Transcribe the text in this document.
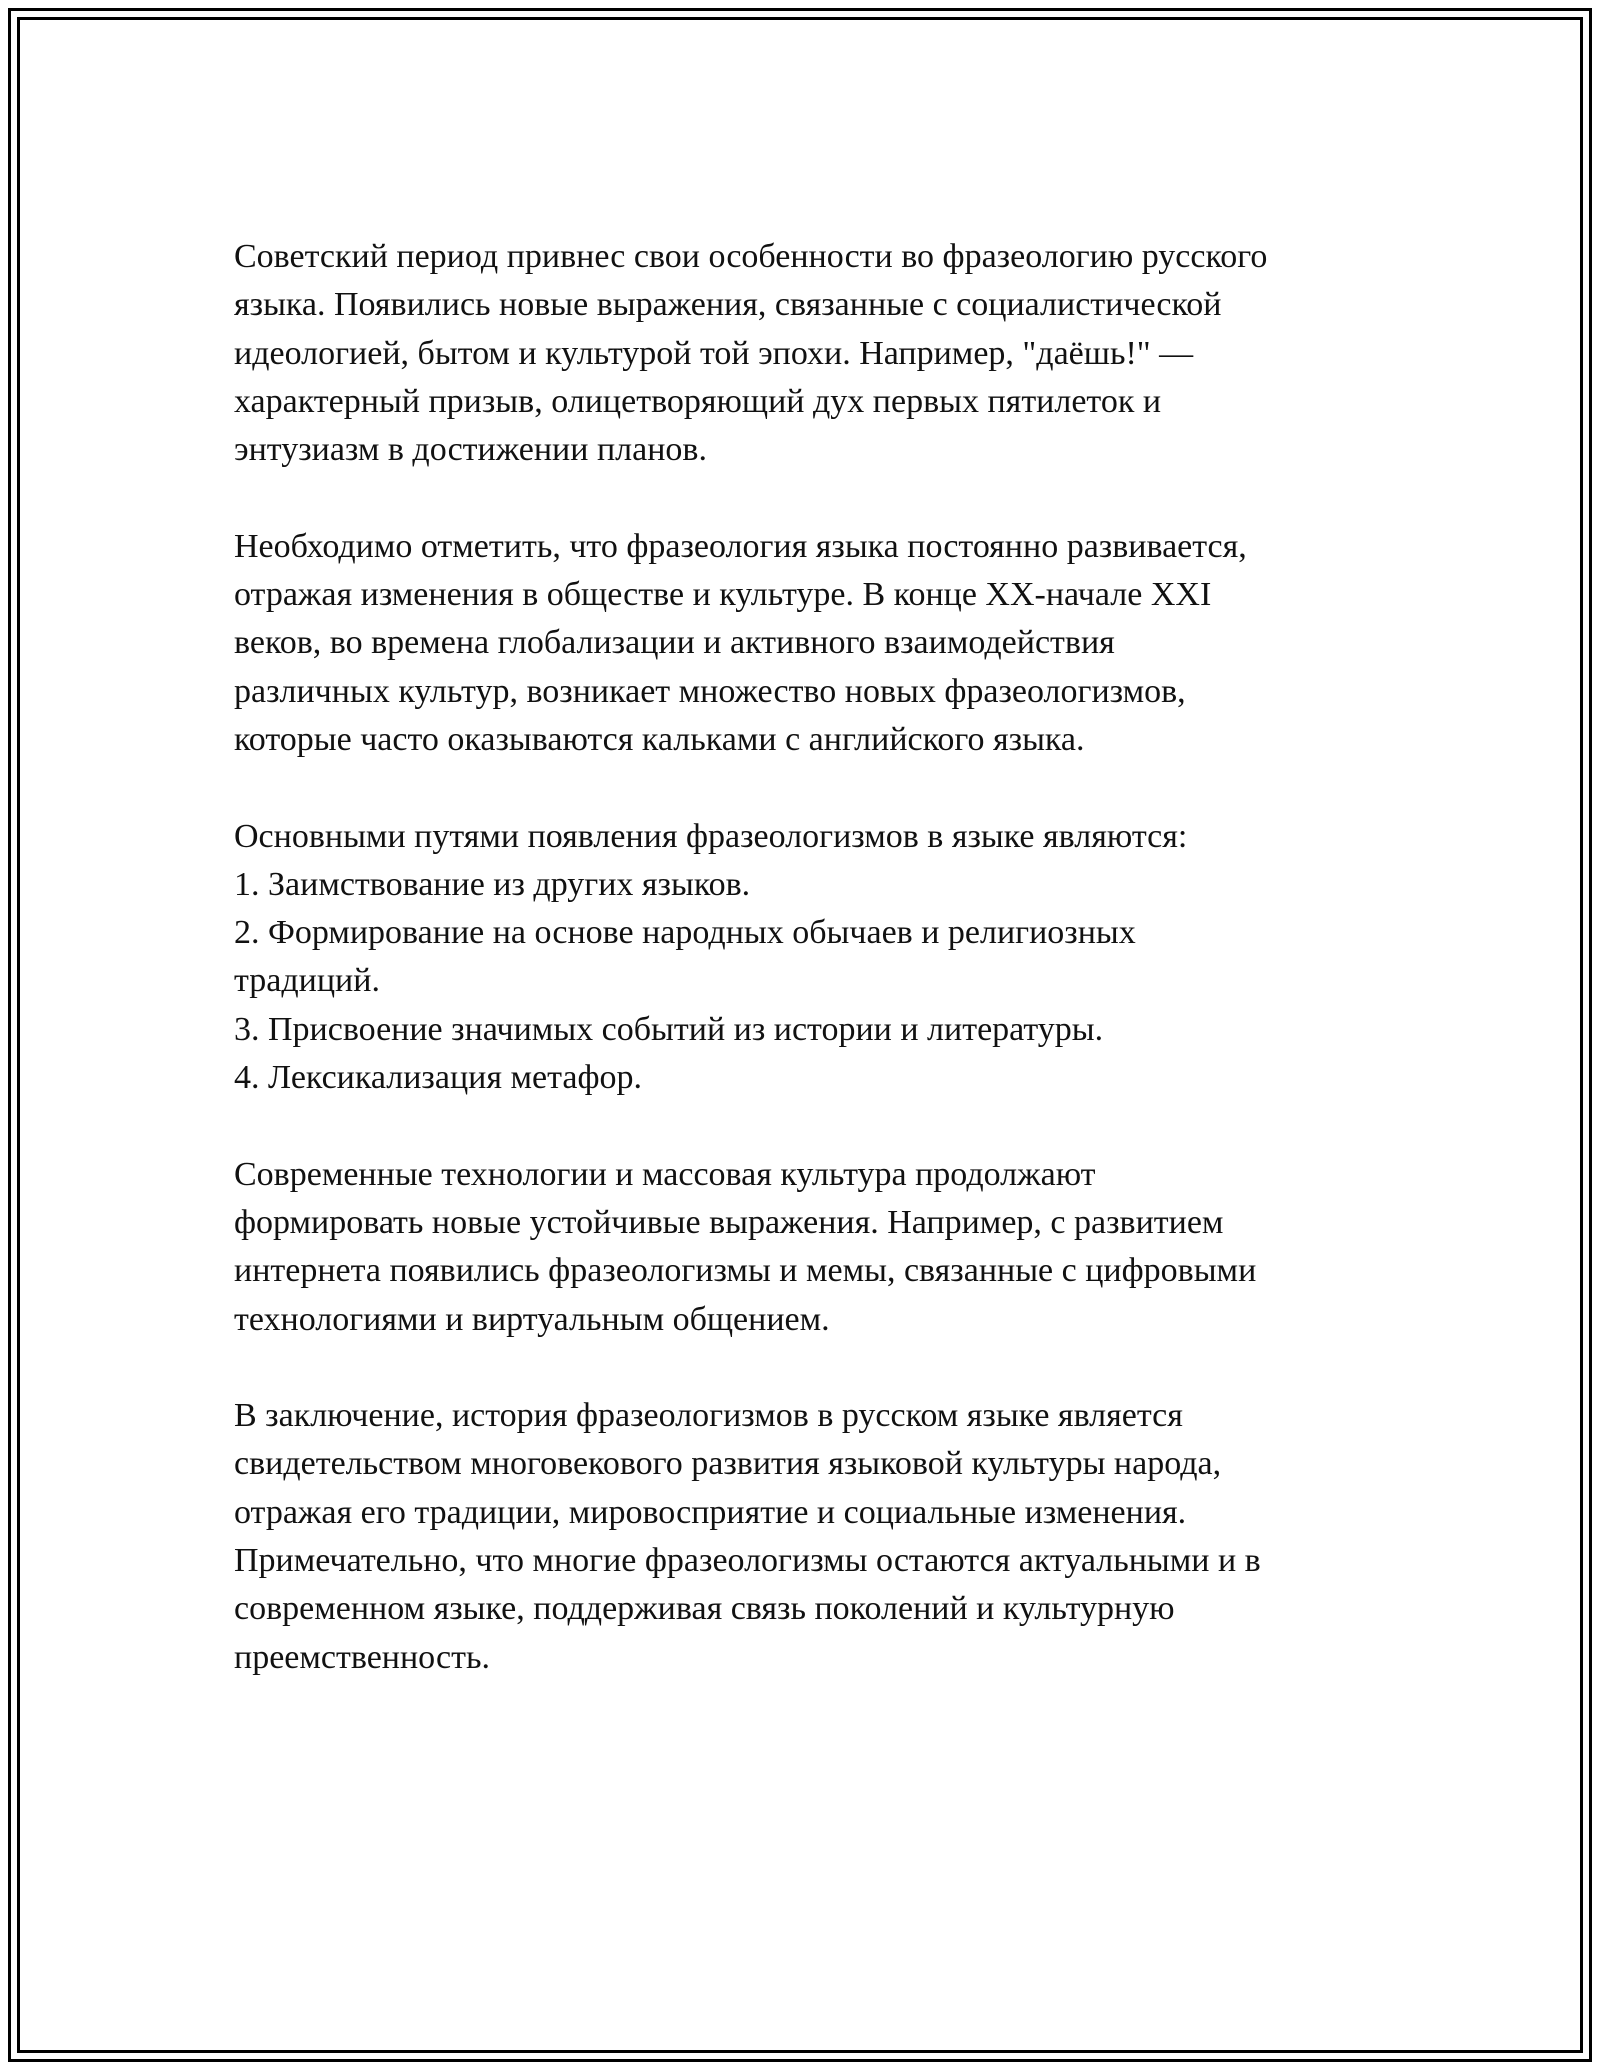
Советский период привнес свои особенности во фразеологию русского
языка. Появились новые выражения, связанные с социалистической
идеологией, бытом и культурой той эпохи. Например, "даёшь!" —
характерный призыв, олицетворяющий дух первых пятилеток и
энтузиазм в достижении планов.

Необходимо отметить, что фразеология языка постоянно развивается,
отражая изменения в обществе и культуре. В конце XX-начале XXI
веков, во времена глобализации и активного взаимодействия
различных культур, возникает множество новых фразеологизмов,
которые часто оказываются кальками с английского языка.

Основными путями появления фразеологизмов в языке являются:
1. Заимствование из других языков.
2. Формирование на основе народных обычаев и религиозных
традиций.
3. Присвоение значимых событий из истории и литературы.
4. Лексикализация метафор.

Современные технологии и массовая культура продолжают
формировать новые устойчивые выражения. Например, с развитием
интернета появились фразеологизмы и мемы, связанные с цифровыми
технологиями и виртуальным общением.

В заключение, история фразеологизмов в русском языке является
свидетельством многовекового развития языковой культуры народа,
отражая его традиции, мировосприятие и социальные изменения.
Примечательно, что многие фразеологизмы остаются актуальными и в
современном языке, поддерживая связь поколений и культурную
преемственность.
